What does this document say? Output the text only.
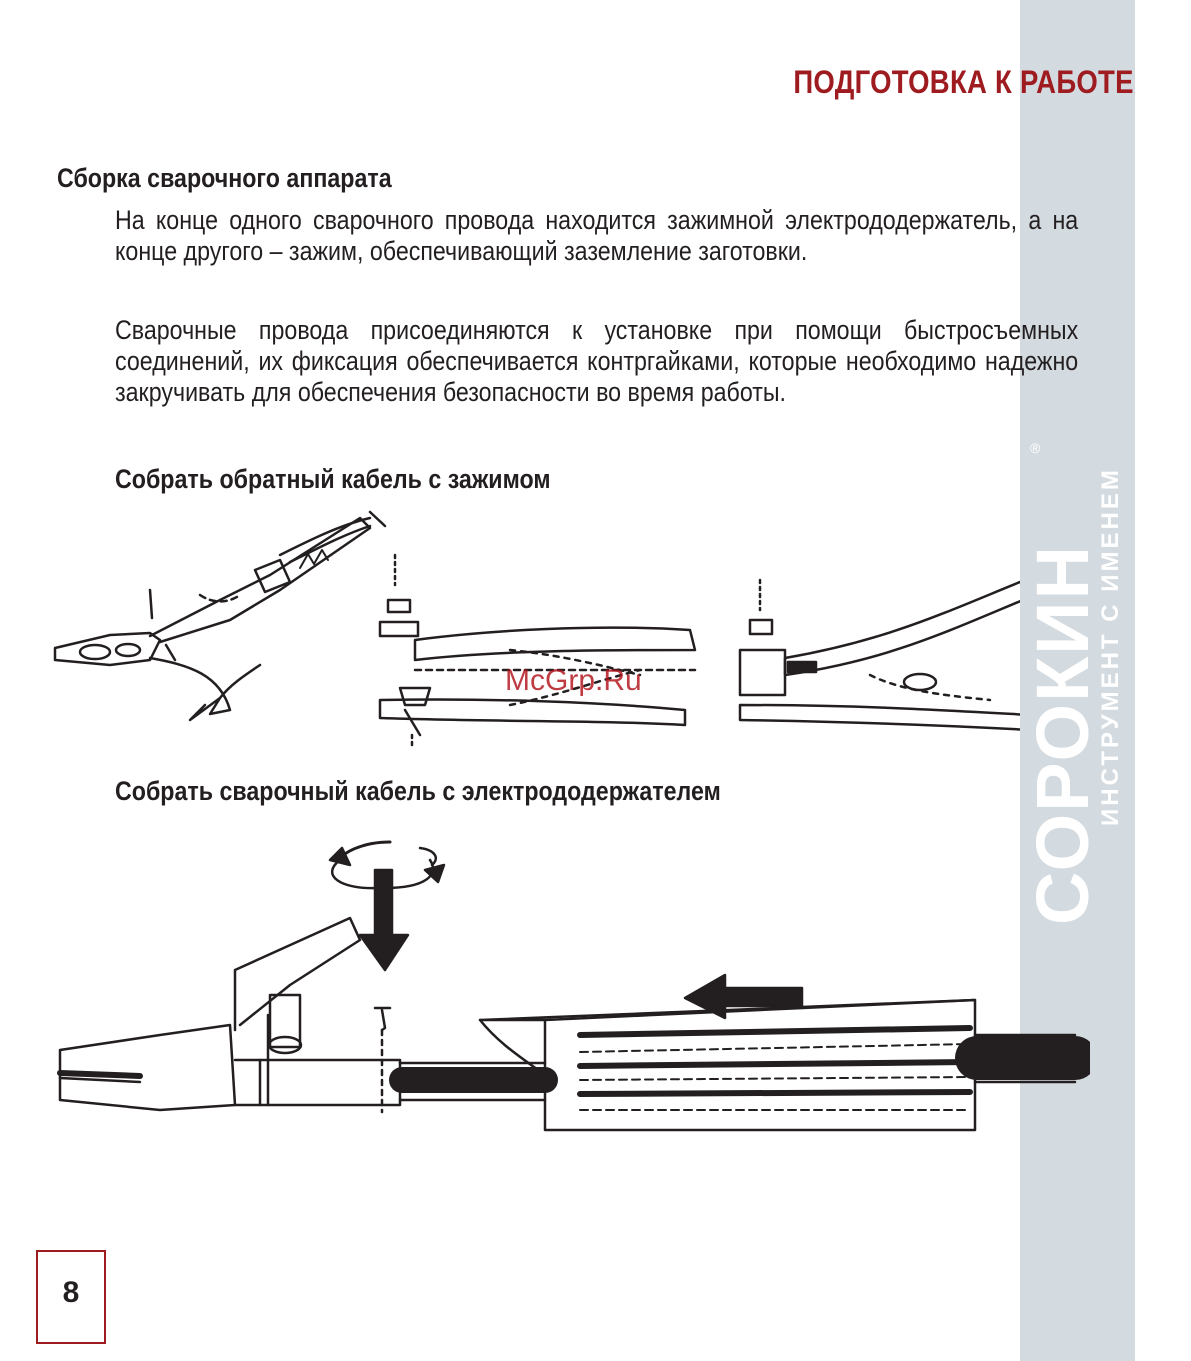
®
СОРОКИН
ИНСТРУМЕНТ С ИМЕНЕМ
ПОДГОТОВКА К РАБОТЕ
Сборка сварочного аппарата

На конце одного сварочного провода находится зажимной электрододержатель, а на конце другого – зажим, обеспечивающий заземление заготовки.

Сварочные провода присоединяются к установке при помощи быстросъемных соединений, их фиксация обеспечивается контргайками, которые необходимо надежно закручивать для обеспечения безопасности во время работы.

Собрать обратный кабель с зажимом
McGrp.Ru
Собрать сварочный кабель с электрододержателем
8
